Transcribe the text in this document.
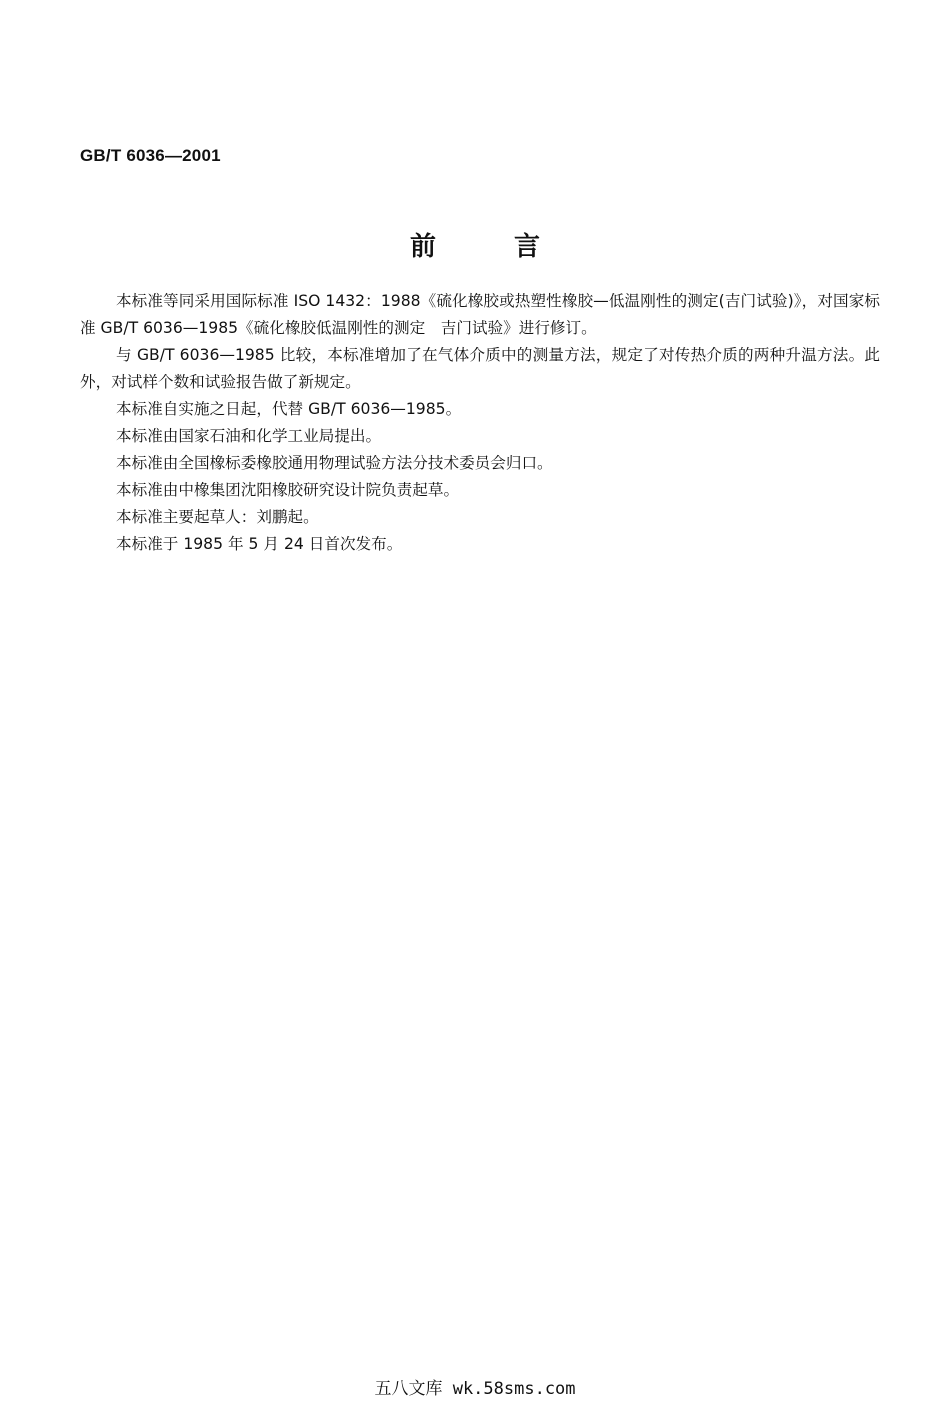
GB/T 6036—2001
前言

本标准等同采用国际标准 ISO 1432：1988《硫化橡胶或热塑性橡胶—低温刚性的测定(吉门试验)》，对国家标准 GB/T 6036—1985《硫化橡胶低温刚性的测定　吉门试验》进行修订。

与 GB/T 6036—1985 比较，本标准增加了在气体介质中的测量方法，规定了对传热介质的两种升温方法。此外，对试样个数和试验报告做了新规定。

本标准自实施之日起，代替 GB/T 6036—1985。

本标准由国家石油和化学工业局提出。

本标准由全国橡标委橡胶通用物理试验方法分技术委员会归口。

本标准由中橡集团沈阳橡胶研究设计院负责起草。

本标准主要起草人：刘鹏起。

本标准于 1985 年 5 月 24 日首次发布。

五八文库 wk.58sms.com
